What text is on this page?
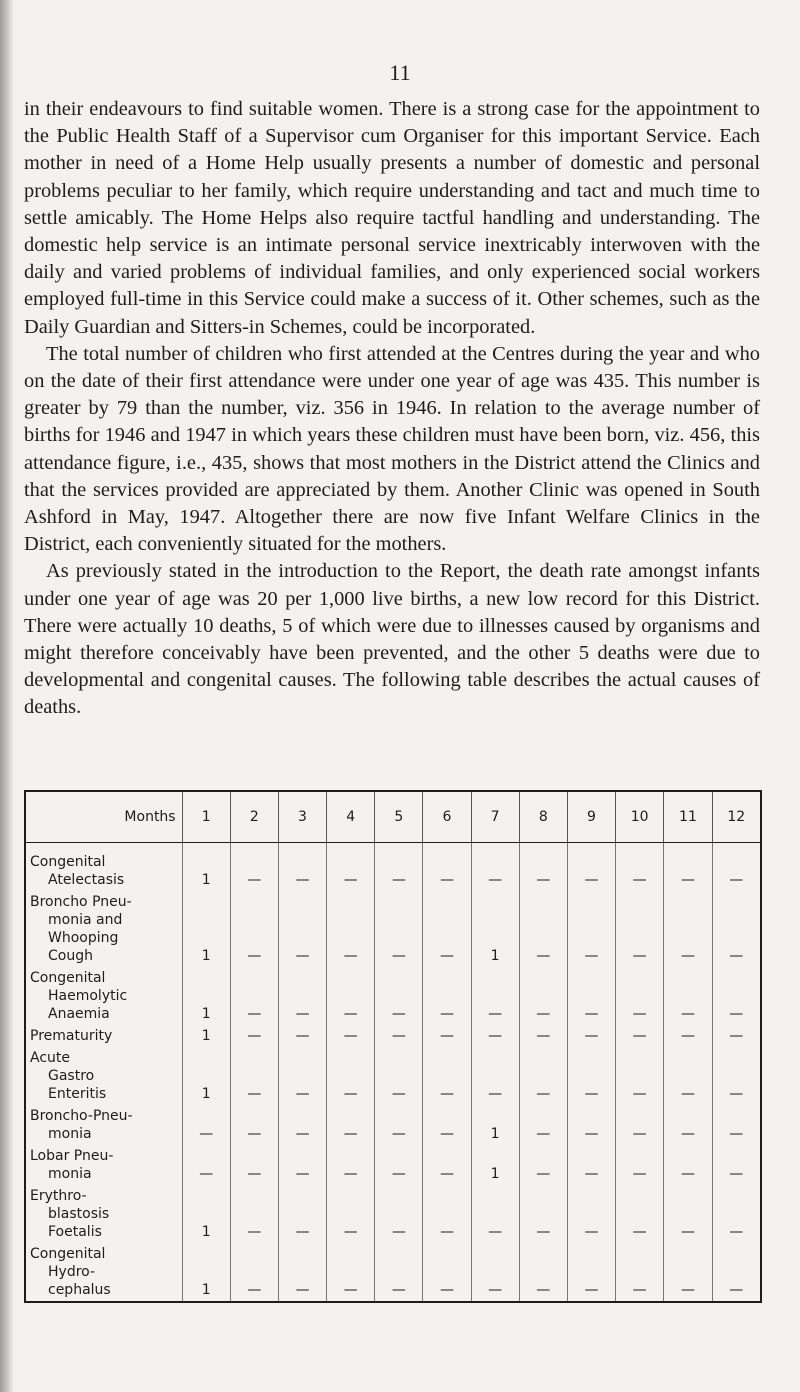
11

in their endeavours to find suitable women. There is a strong case for the appointment to the Public Health Staff of a Supervisor cum Organiser for this important Service. Each mother in need of a Home Help usually presents a number of domestic and personal problems peculiar to her family, which require understanding and tact and much time to settle amicably. The Home Helps also require tactful handling and understanding. The domestic help service is an intimate personal service inextricably interwoven with the daily and varied problems of individual families, and only experienced social workers employed full-time in this Service could make a success of it. Other schemes, such as the Daily Guardian and Sitters-in Schemes, could be incorporated.

The total number of children who first attended at the Centres during the year and who on the date of their first attendance were under one year of age was 435. This number is greater by 79 than the number, viz. 356 in 1946. In relation to the average number of births for 1946 and 1947 in which years these children must have been born, viz. 456, this attendance figure, i.e., 435, shows that most mothers in the District attend the Clinics and that the services provided are appreciated by them. Another Clinic was opened in South Ashford in May, 1947. Altogether there are now five Infant Welfare Clinics in the District, each conveniently situated for the mothers.

As previously stated in the introduction to the Report, the death rate amongst infants under one year of age was 20 per 1,000 live births, a new low record for this District. There were actually 10 deaths, 5 of which were due to illnesses caused by organisms and might therefore conceivably have been prevented, and the other 5 deaths were due to developmental and congenital causes. The following table describes the actual causes of deaths.

Months	1	2	3	4	5	6	7	8	9	10	11	12

Congenital
Atelectasis	1	—	—	—	—	—	—	—	—	—	—	—

Broncho Pneu-
monia and
Whooping
Cough	1	—	—	—	—	—	1	—	—	—	—	—

Congenital
Haemolytic
Anaemia	1	—	—	—	—	—	—	—	—	—	—	—

Prematurity	1	—	—	—	—	—	—	—	—	—	—	—

Acute
Gastro
Enteritis	1	—	—	—	—	—	—	—	—	—	—	—

Broncho-Pneu-
monia	—	—	—	—	—	—	1	—	—	—	—	—

Lobar Pneu-
monia	—	—	—	—	—	—	1	—	—	—	—	—

Erythro-
blastosis
Foetalis	1	—	—	—	—	—	—	—	—	—	—	—

Congenital
Hydro-
cephalus	1	—	—	—	—	—	—	—	—	—	—	—
